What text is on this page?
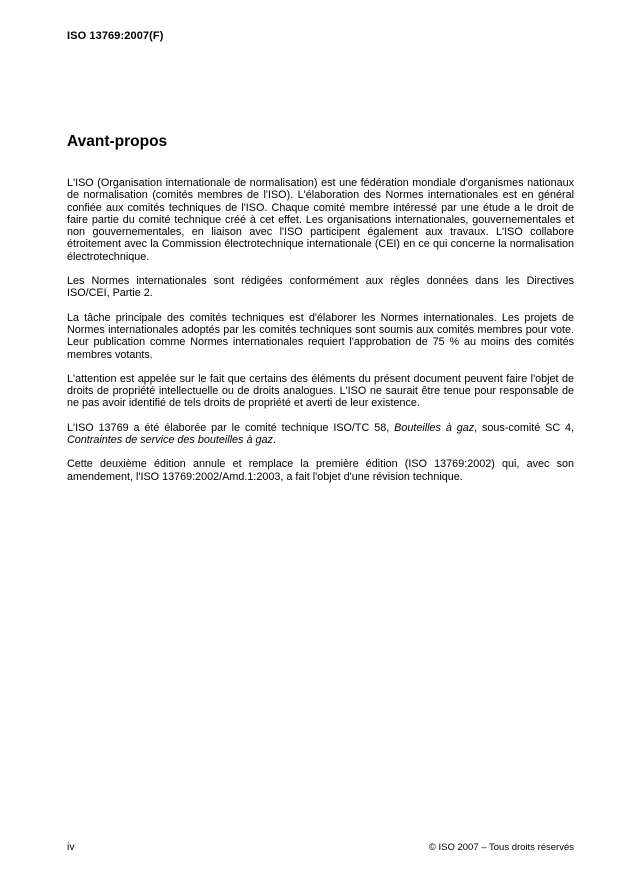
ISO 13769:2007(F)
Avant-propos

L'ISO (Organisation internationale de normalisation) est une fédération mondiale d'organismes nationaux de normalisation (comités membres de l'ISO). L'élaboration des Normes internationales est en général confiée aux comités techniques de l'ISO. Chaque comité membre intéressé par une étude a le droit de faire partie du comité technique créé à cet effet. Les organisations internationales, gouvernementales et non gouvernementales, en liaison avec l'ISO participent également aux travaux. L'ISO collabore étroitement avec la Commission électrotechnique internationale (CEI) en ce qui concerne la normalisation électrotechnique.

Les Normes internationales sont rédigées conformément aux règles données dans les Directives ISO/CEI, Partie 2.

La tâche principale des comités techniques est d'élaborer les Normes internationales. Les projets de Normes internationales adoptés par les comités techniques sont soumis aux comités membres pour vote. Leur publication comme Normes internationales requiert l'approbation de 75 % au moins des comités membres votants.

L'attention est appelée sur le fait que certains des éléments du présent document peuvent faire l'objet de droits de propriété intellectuelle ou de droits analogues. L'ISO ne saurait être tenue pour responsable de ne pas avoir identifié de tels droits de propriété et averti de leur existence.

L'ISO 13769 a été élaborée par le comité technique ISO/TC 58, Bouteilles à gaz, sous-comité SC 4, Contraintes de service des bouteilles à gaz.

Cette deuxième édition annule et remplace la première édition (ISO 13769:2002) qui, avec son amendement, l'ISO 13769:2002/Amd.1:2003, a fait l'objet d'une révision technique.

iv	© ISO 2007 – Tous droits réservés
